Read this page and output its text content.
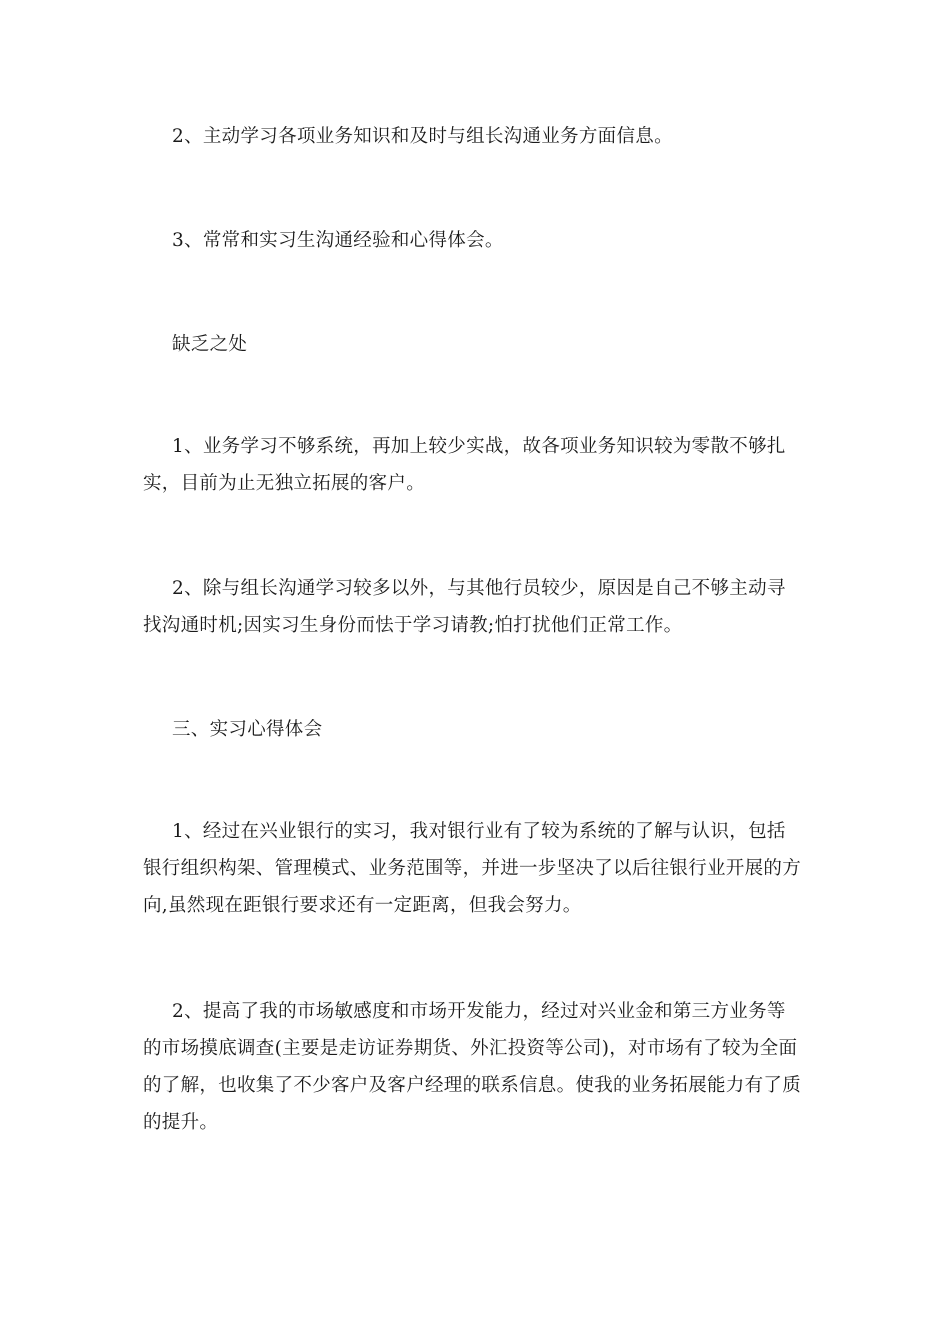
2、主动学习各项业务知识和及时与组长沟通业务方面信息。

3、常常和实习生沟通经验和心得体会。

缺乏之处

1、业务学习不够系统，再加上较少实战，故各项业务知识较为零散不够扎实，目前为止无独立拓展的客户。

2、除与组长沟通学习较多以外，与其他行员较少，原因是自己不够主动寻找沟通时机;因实习生身份而怯于学习请教;怕打扰他们正常工作。

三、实习心得体会

1、经过在兴业银行的实习，我对银行业有了较为系统的了解与认识，包括银行组织构架、管理模式、业务范围等，并进一步坚决了以后往银行业开展的方向,虽然现在距银行要求还有一定距离，但我会努力。

2、提高了我的市场敏感度和市场开发能力，经过对兴业金和第三方业务等的市场摸底调查(主要是走访证券期货、外汇投资等公司)，对市场有了较为全面的了解，也收集了不少客户及客户经理的联系信息。使我的业务拓展能力有了质的提升。
